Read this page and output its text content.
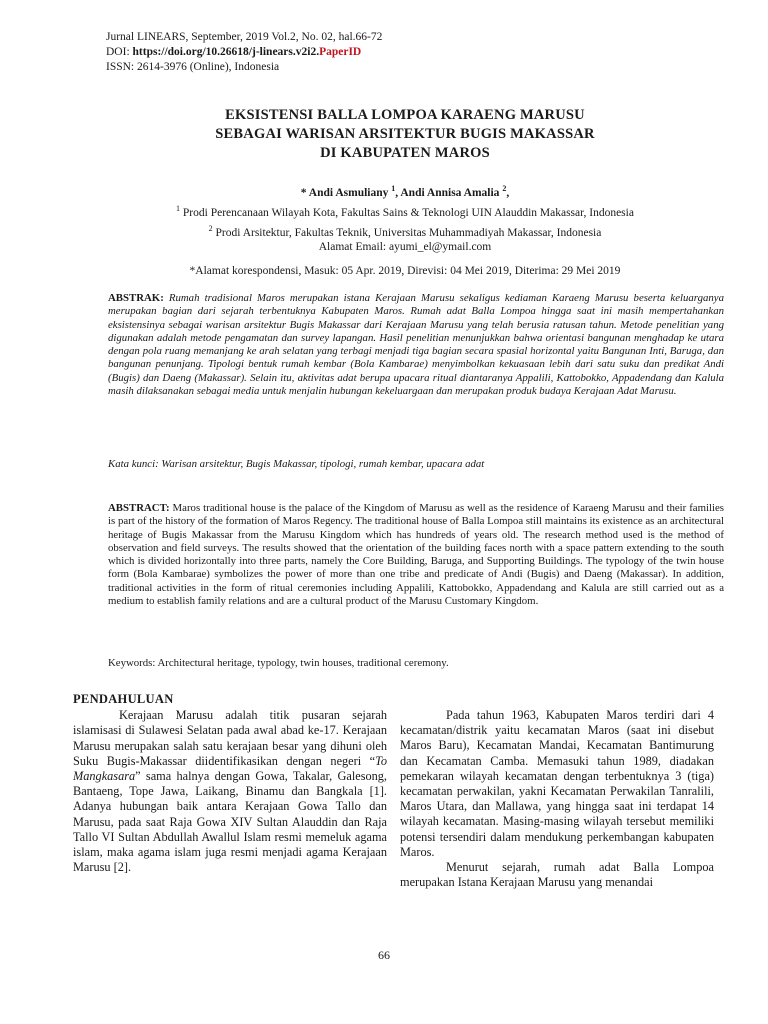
Jurnal LINEARS, September, 2019 Vol.2, No. 02, hal.66-72
DOI: https://doi.org/10.26618/j-linears.v2i2.PaperID
ISSN: 2614-3976 (Online), Indonesia
EKSISTENSI BALLA LOMPOA KARAENG MARUSU
SEBAGAI WARISAN ARSITEKTUR BUGIS MAKASSAR
DI KABUPATEN MAROS
* Andi Asmuliany $^1$, Andi Annisa Amalia $^2$,
$^1$ Prodi Perencanaan Wilayah Kota, Fakultas Sains & Teknologi UIN Alauddin Makassar, Indonesia
$^2$ Prodi Arsitektur, Fakultas Teknik, Universitas Muhammadiyah Makassar, Indonesia
Alamat Email: ayumi_el@ymail.com
*Alamat korespondensi, Masuk: 05 Apr. 2019, Direvisi: 04 Mei 2019, Diterima: 29 Mei 2019
ABSTRAK: Rumah tradisional Maros merupakan istana Kerajaan Marusu sekaligus kediaman Karaeng Marusu beserta keluarganya merupakan bagian dari sejarah terbentuknya Kabupaten Maros. Rumah adat Balla Lompoa hingga saat ini masih mempertahankan eksistensinya sebagai warisan arsitektur Bugis Makassar dari Kerajaan Marusu yang telah berusia ratusan tahun. Metode penelitian yang digunakan adalah metode pengamatan dan survey lapangan. Hasil penelitian menunjukkan bahwa orientasi bangunan menghadap ke utara dengan pola ruang memanjang ke arah selatan yang terbagi menjadi tiga bagian secara spasial horizontal yaitu Bangunan Inti, Baruga, dan bangunan penunjang. Tipologi bentuk rumah kembar (Bola Kambarae) menyimbolkan kekuasaan lebih dari satu suku dan predikat Andi (Bugis) dan Daeng (Makassar). Selain itu, aktivitas adat berupa upacara ritual diantaranya Appalili, Kattobokko, Appadendang dan Kalula masih dilaksanakan sebagai media untuk menjalin hubungan kekeluargaan dan merupakan produk budaya Kerajaan Adat Marusu.
Kata kunci: Warisan arsitektur, Bugis Makassar, tipologi, rumah kembar, upacara adat
ABSTRACT: Maros traditional house is the palace of the Kingdom of Marusu as well as the residence of Karaeng Marusu and their families is part of the history of the formation of Maros Regency. The traditional house of Balla Lompoa still maintains its existence as an architectural heritage of Bugis Makassar from the Marusu Kingdom which has hundreds of years old. The research method used is the method of observation and field surveys. The results showed that the orientation of the building faces north with a space pattern extending to the south which is divided horizontally into three parts, namely the Core Building, Baruga, and Supporting Buildings. The typology of the twin house form (Bola Kambarae) symbolizes the power of more than one tribe and predicate of Andi (Bugis) and Daeng (Makassar). In addition, traditional activities in the form of ritual ceremonies including Appalili, Kattobokko, Appadendang and Kalula are still carried out as a medium to establish family relations and are a cultural product of the Marusu Customary Kingdom.
Keywords: Architectural heritage, typology, twin houses, traditional ceremony.
PENDAHULUAN

Kerajaan Marusu adalah titik pusaran sejarah islamisasi di Sulawesi Selatan pada awal abad ke-17. Kerajaan Marusu merupakan salah satu kerajaan besar yang dihuni oleh Suku Bugis-Makassar diidentifikasikan dengan negeri “To Mangkasara” sama halnya dengan Gowa, Takalar, Galesong, Bantaeng, Tope Jawa, Laikang, Binamu dan Bangkala [1]. Adanya hubungan baik antara Kerajaan Gowa Tallo dan Marusu, pada saat Raja Gowa XIV Sultan Alauddin dan Raja Tallo VI Sultan Abdullah Awallul Islam resmi memeluk agama islam, maka agama islam juga resmi menjadi agama Kerajaan Marusu [2].

Pada tahun 1963, Kabupaten Maros terdiri dari 4 kecamatan/distrik yaitu kecamatan Maros (saat ini disebut Maros Baru), Kecamatan Mandai, Kecamatan Bantimurung dan Kecamatan Camba. Memasuki tahun 1989, diadakan pemekaran wilayah kecamatan dengan terbentuknya 3 (tiga) kecamatan perwakilan, yakni Kecamatan Perwakilan Tanralili, Maros Utara, dan Mallawa, yang hingga saat ini terdapat 14 wilayah kecamatan. Masing-masing wilayah tersebut memiliki potensi tersendiri dalam mendukung perkembangan kabupaten Maros.

Menurut sejarah, rumah adat Balla Lompoa merupakan Istana Kerajaan Marusu yang menandai

66
